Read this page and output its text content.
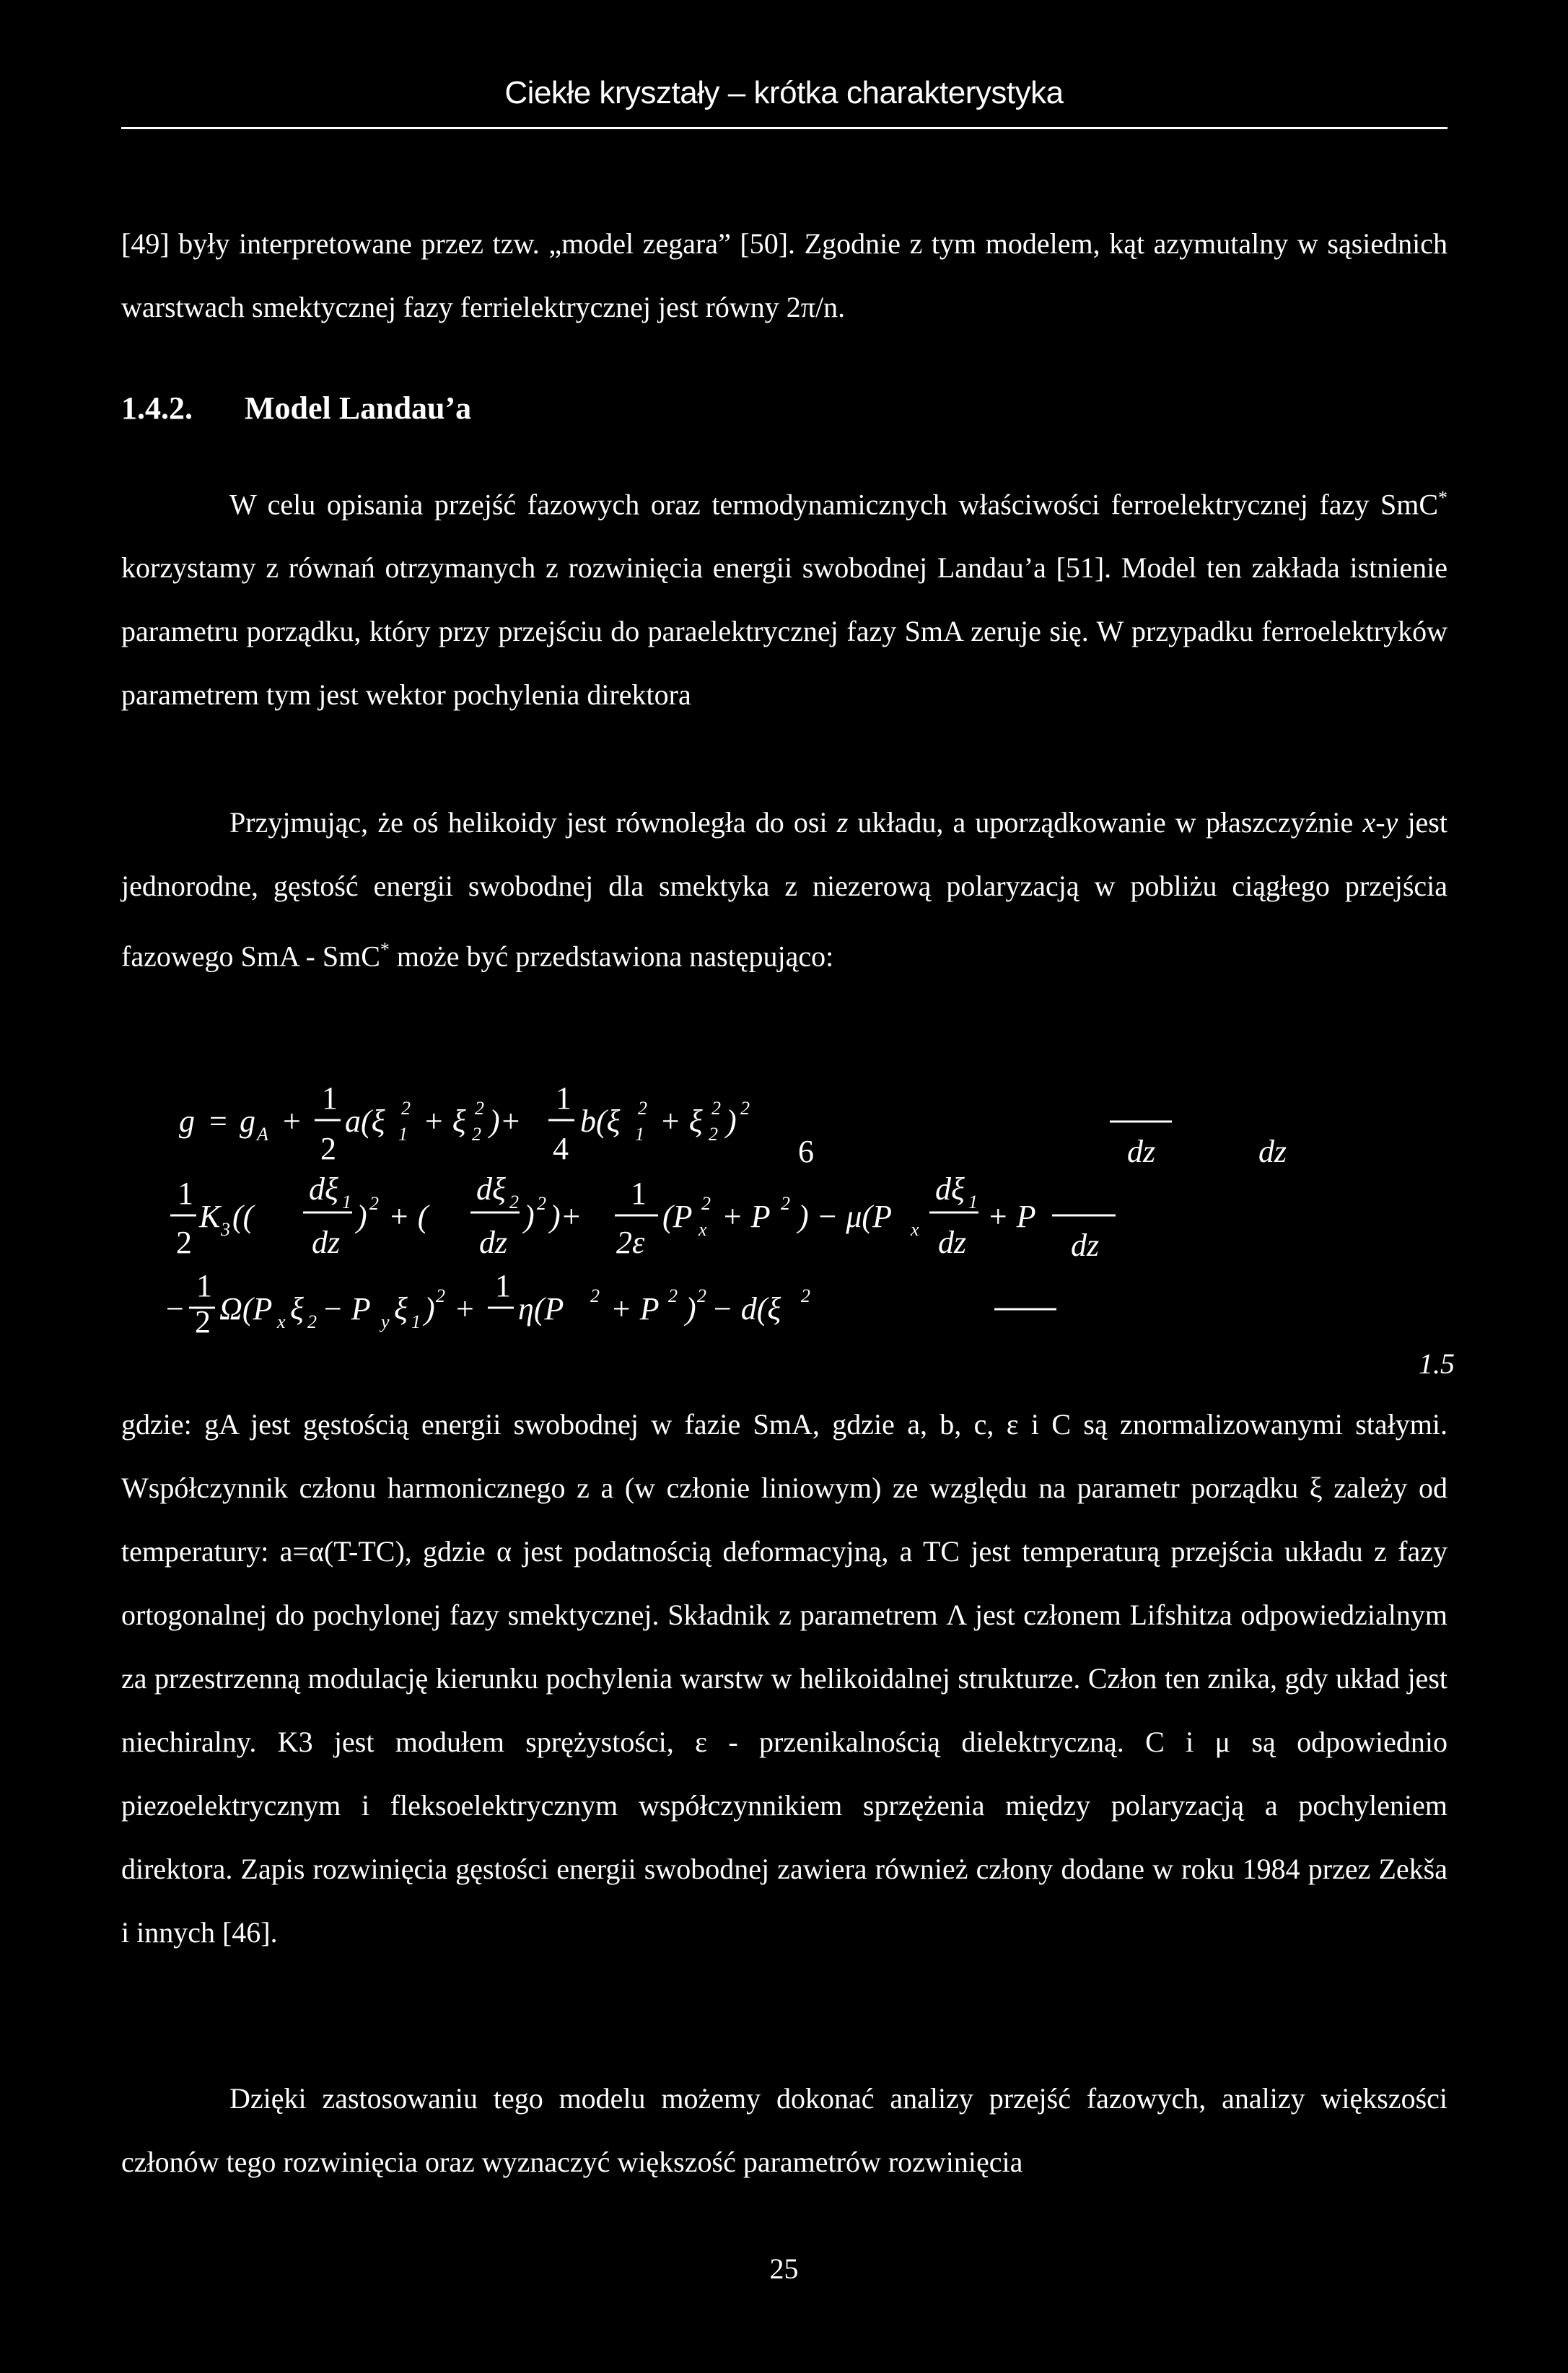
Ciekłe kryształy – krótka charakterystyka

[49] były interpretowane przez tzw. „model zegara” [50]. Zgodnie z tym modelem, kąt azymutalny w sąsiednich warstwach smektycznej fazy ferrielektrycznej jest równy 2π/n.

1.4.2. Model Landau’a

W celu opisania przejść fazowych oraz termodynamicznych właściwości ferroelektrycznej fazy SmC* korzystamy z równań otrzymanych z rozwinięcia energii swobodnej Landau’a [51]. Model ten zakłada istnienie parametru porządku, który przy przejściu do paraelektrycznej fazy SmA zeruje się. W przypadku ferroelektryków parametrem tym jest wektor pochylenia direktora

Przyjmując, że oś helikoidy jest równoległa do osi z układu, a uporządkowanie w płaszczyźnie x-y jest jednorodne, gęstość energii swobodnej dla smektyka z niezerową polaryzacją w pobliżu ciągłego przejścia fazowego SmA - SmC* może być przedstawiona następująco:

g = g A +
1
2
a(ξ 1
2 + ξ 2
2 )+
1
4
b(ξ 1
2 + ξ 2
2 ) 2
6	dz	dz
1
2
K 3 ((
dξ 1
dz
) 2 + (
dξ 2
dz
) 2 )+
1
2ε
(P x
2 + P 2 ) − μ(P x
dξ 1
dz
+ P
dz
−
1
2 Ω(P x ξ 2 − P y ξ 1 ) 2 +
1
η(P 2 + P 2 ) 2 − d(ξ 2
1.5

gdzie: gA jest gęstością energii swobodnej w fazie SmA, gdzie a, b, c, ε i C są znormalizowanymi stałymi. Współczynnik członu harmonicznego z a (w członie liniowym) ze względu na parametr porządku ξ zależy od temperatury: a=α(T-TC), gdzie α jest podatnością deformacyjną, a TC jest temperaturą przejścia układu z fazy ortogonalnej do pochylonej fazy smektycznej. Składnik z parametrem Λ jest członem Lifshitza odpowiedzialnym za przestrzenną modulację kierunku pochylenia warstw w helikoidalnej strukturze. Człon ten znika, gdy układ jest niechiralny. K3 jest modułem sprężystości, ε - przenikalnością dielektryczną. C i μ są odpowiednio piezoelektrycznym i fleksoelektrycznym współczynnikiem sprzężenia między polaryzacją a pochyleniem direktora. Zapis rozwinięcia gęstości energii swobodnej zawiera również człony dodane w roku 1984 przez Zekša i innych [46].

Dzięki zastosowaniu tego modelu możemy dokonać analizy przejść fazowych, analizy większości członów tego rozwinięcia oraz wyznaczyć większość parametrów rozwinięcia

25
